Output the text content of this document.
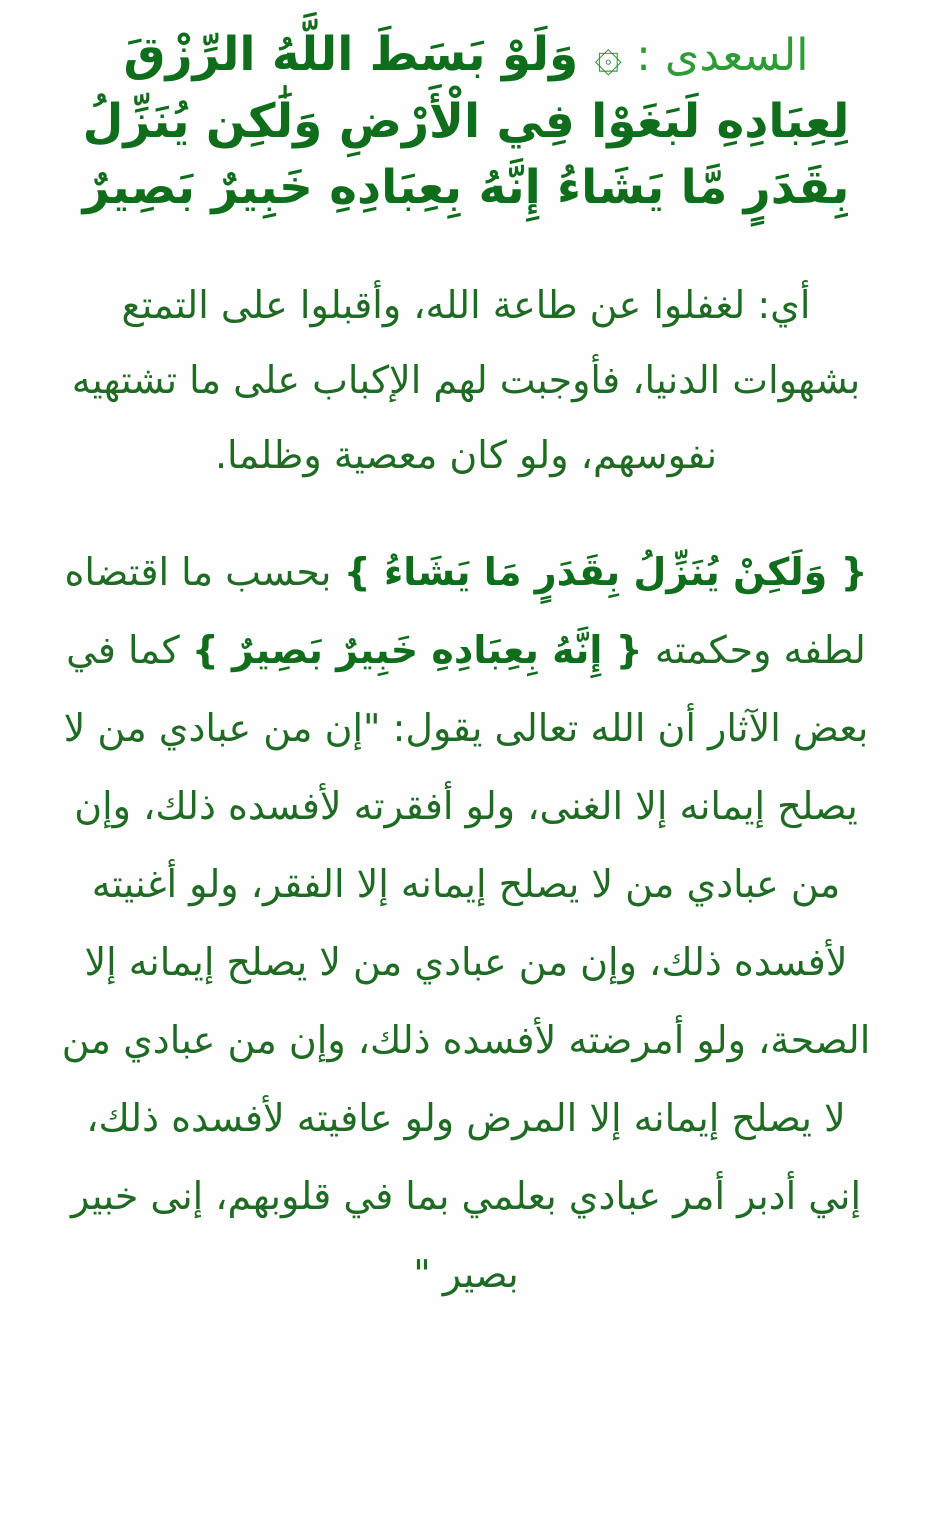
السعدى : ۞ وَلَوْ بَسَطَ اللَّهُ الرِّزْقَ لِعِبَادِهِ لَبَغَوْا فِي الْأَرْضِ وَلَٰكِن يُنَزِّلُ بِقَدَرٍ مَّا يَشَاءُ إِنَّهُ بِعِبَادِهِ خَبِيرٌ بَصِيرٌ
أي: لغفلوا عن طاعة الله، وأقبلوا على التمتع بشهوات الدنيا، فأوجبت لهم الإكباب على ما تشتهيه نفوسهم، ولو كان معصية وظلما.
{ وَلَكِنْ يُنَزِّلُ بِقَدَرٍ مَا يَشَاءُ } بحسب ما اقتضاه لطفه وحكمته { إِنَّهُ بِعِبَادِهِ خَبِيرٌ بَصِيرٌ } كما في بعض الآثار أن الله تعالى يقول: "إن من عبادي من لا يصلح إيمانه إلا الغنى، ولو أفقرته لأفسده ذلك، وإن من عبادي من لا يصلح إيمانه إلا الفقر، ولو أغنيته لأفسده ذلك، وإن من عبادي من لا يصلح إيمانه إلا الصحة، ولو أمرضته لأفسده ذلك، وإن من عبادي من لا يصلح إيمانه إلا المرض ولو عافيته لأفسده ذلك، إني أدبر أمر عبادي بعلمي بما في قلوبهم، إنى خبير بصير "
